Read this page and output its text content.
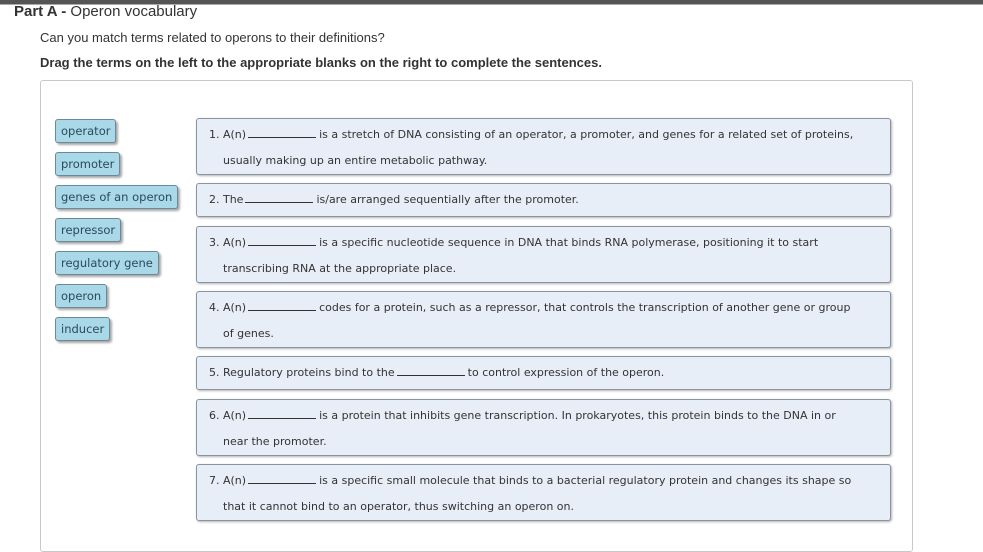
Part A - Operon vocabulary
Can you match terms related to operons to their definitions?
Drag the terms on the left to the appropriate blanks on the right to complete the sentences.
operator
promoter
genes of an operon
repressor
regulatory gene
operon
inducer
1. A(n)	is a stretch of DNA consisting of an operator, a promoter, and genes for a related set of proteins,
usually making up an entire metabolic pathway.
2. The	is/are arranged sequentially after the promoter.
3. A(n)	is a specific nucleotide sequence in DNA that binds RNA polymerase, positioning it to start
transcribing RNA at the appropriate place.
4. A(n)	codes for a protein, such as a repressor, that controls the transcription of another gene or group
of genes.
5. Regulatory proteins bind to the	to control expression of the operon.
6. A(n)	is a protein that inhibits gene transcription. In prokaryotes, this protein binds to the DNA in or
near the promoter.
7. A(n)	is a specific small molecule that binds to a bacterial regulatory protein and changes its shape so
that it cannot bind to an operator, thus switching an operon on.
